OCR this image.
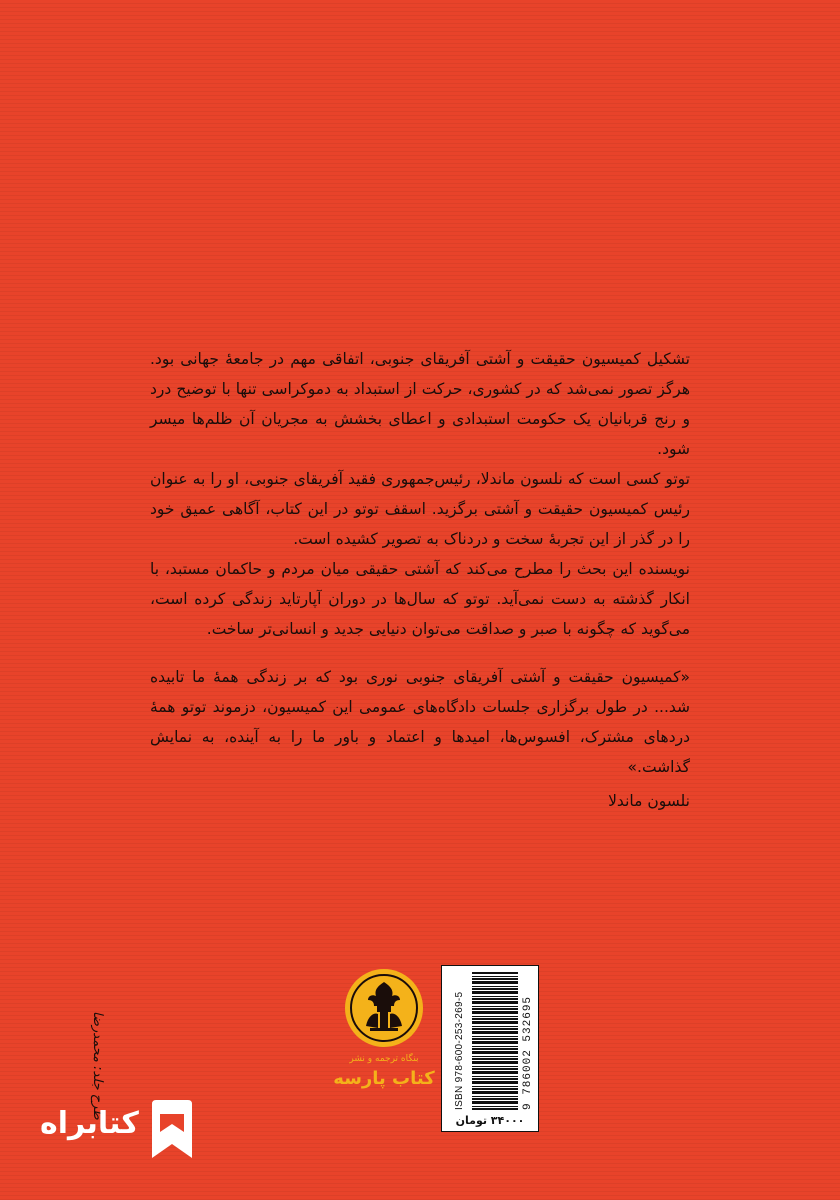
تشکیل کمیسیون حقیقت و آشتی آفریقای جنوبی، اتفاقی مهم در جامعهٔ جهانی بود. هرگز تصور نمی‌شد که در کشوری، حرکت از استبداد به دموکراسی تنها با توضیح درد و رنج قربانیان یک حکومت استبدادی و اعطای بخشش به مجریان آن ظلم‌ها میسر شود.

توتو کسی است که نلسون ماندلا، رئیس‌جمهوری فقید آفریقای جنوبی، او را به عنوان رئیس کمیسیون حقیقت و آشتی برگزید. اسقف توتو در این کتاب، آگاهی عمیق خود را در گذر از این تجربهٔ سخت و دردناک به تصویر کشیده است.

نویسنده این بحث را مطرح می‌کند که آشتی حقیقی میان مردم و حاکمان مستبد، با انکار گذشته به دست نمی‌آید. توتو که سال‌ها در دوران آپارتاید زندگی کرده است، می‌گوید که چگونه با صبر و صداقت می‌توان دنیایی جدید و انسانی‌تر ساخت.

«کمیسیون حقیقت و آشتی آفریقای جنوبی نوری بود که بر زندگی همهٔ ما تابیده شد... در طول برگزاری جلسات دادگاه‌های عمومی این کمیسیون، دزموند توتو همهٔ دردهای مشترک، افسوس‌ها، امیدها و اعتماد و باور ما را به آینده، به نمایش گذاشت.»

نلسون ماندلا

بنگاه ترجمه و نشر
کتاب پارسه	ISBN 978-600-253-269-5	9 786002 532695
۳۴۰۰۰ تومان
طرح جلد: محمدرضا
کتابراه
